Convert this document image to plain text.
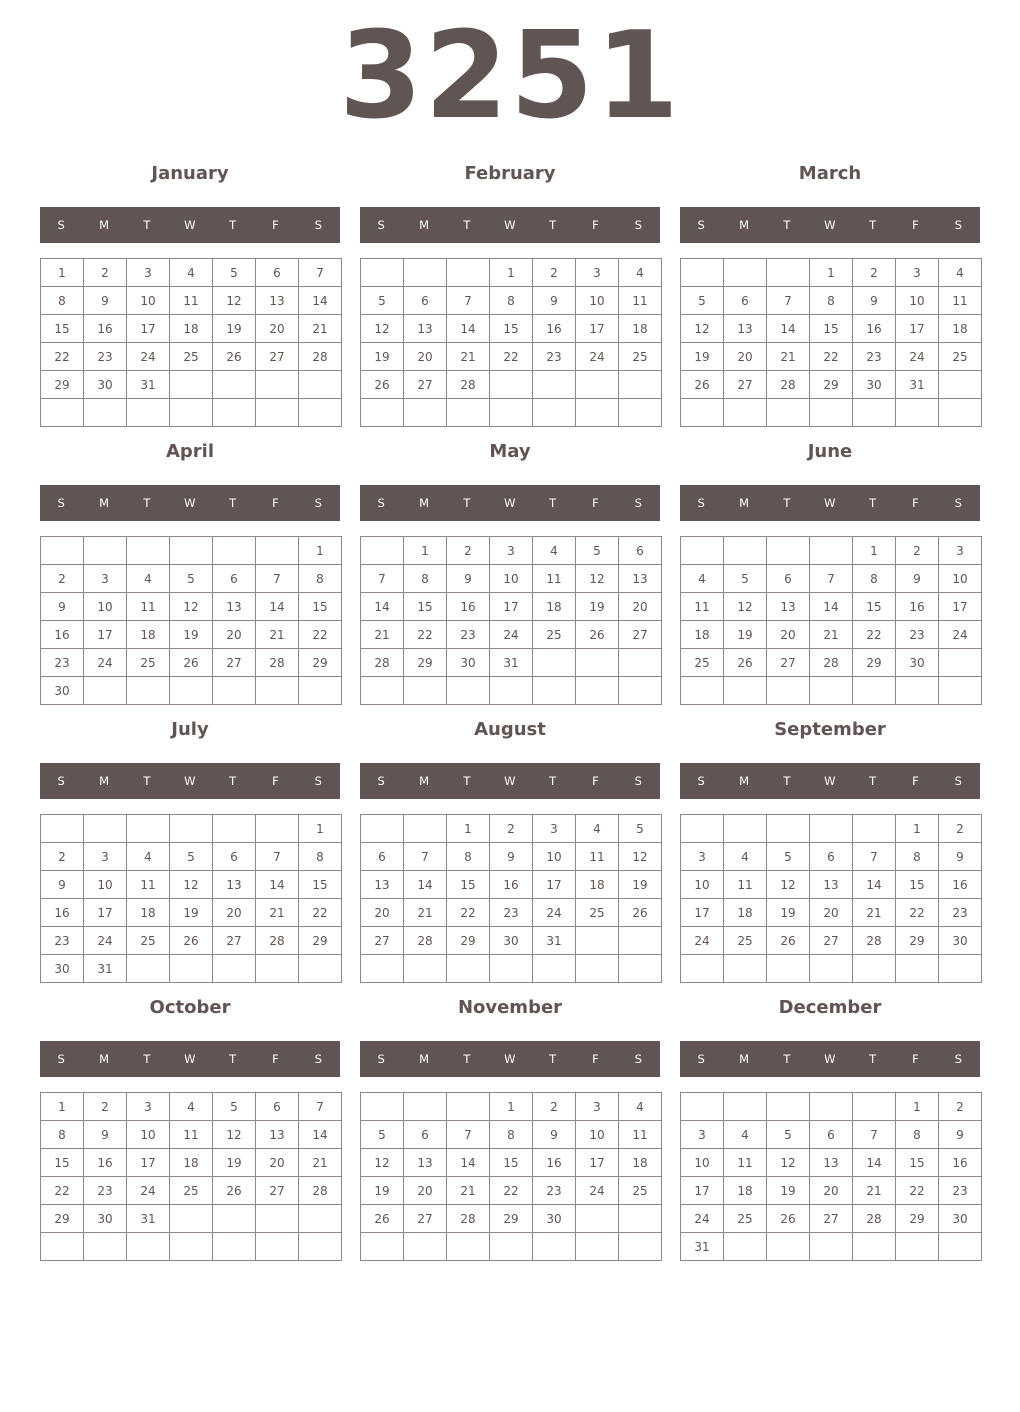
3251
January
S	M	T	W	T	F	S
1	2	3	4	5	6	7
8	9	10	11	12	13	14
15	16	17	18	19	20	21
22	23	24	25	26	27	28
29	30	31				

February
S	M	T	W	T	F	S
			1	2	3	4
5	6	7	8	9	10	11
12	13	14	15	16	17	18
19	20	21	22	23	24	25
26	27	28				

March
S	M	T	W	T	F	S
			1	2	3	4
5	6	7	8	9	10	11
12	13	14	15	16	17	18
19	20	21	22	23	24	25
26	27	28	29	30	31	

April
S	M	T	W	T	F	S
						1
2	3	4	5	6	7	8
9	10	11	12	13	14	15
16	17	18	19	20	21	22
23	24	25	26	27	28	29
30						
May
S	M	T	W	T	F	S
	1	2	3	4	5	6
7	8	9	10	11	12	13
14	15	16	17	18	19	20
21	22	23	24	25	26	27
28	29	30	31			

June
S	M	T	W	T	F	S
				1	2	3
4	5	6	7	8	9	10
11	12	13	14	15	16	17
18	19	20	21	22	23	24
25	26	27	28	29	30	

July
S	M	T	W	T	F	S
						1
2	3	4	5	6	7	8
9	10	11	12	13	14	15
16	17	18	19	20	21	22
23	24	25	26	27	28	29
30	31					
August
S	M	T	W	T	F	S
		1	2	3	4	5
6	7	8	9	10	11	12
13	14	15	16	17	18	19
20	21	22	23	24	25	26
27	28	29	30	31		

September
S	M	T	W	T	F	S
					1	2
3	4	5	6	7	8	9
10	11	12	13	14	15	16
17	18	19	20	21	22	23
24	25	26	27	28	29	30

October
S	M	T	W	T	F	S
1	2	3	4	5	6	7
8	9	10	11	12	13	14
15	16	17	18	19	20	21
22	23	24	25	26	27	28
29	30	31				

November
S	M	T	W	T	F	S
			1	2	3	4
5	6	7	8	9	10	11
12	13	14	15	16	17	18
19	20	21	22	23	24	25
26	27	28	29	30		

December
S	M	T	W	T	F	S
					1	2
3	4	5	6	7	8	9
10	11	12	13	14	15	16
17	18	19	20	21	22	23
24	25	26	27	28	29	30
31						
